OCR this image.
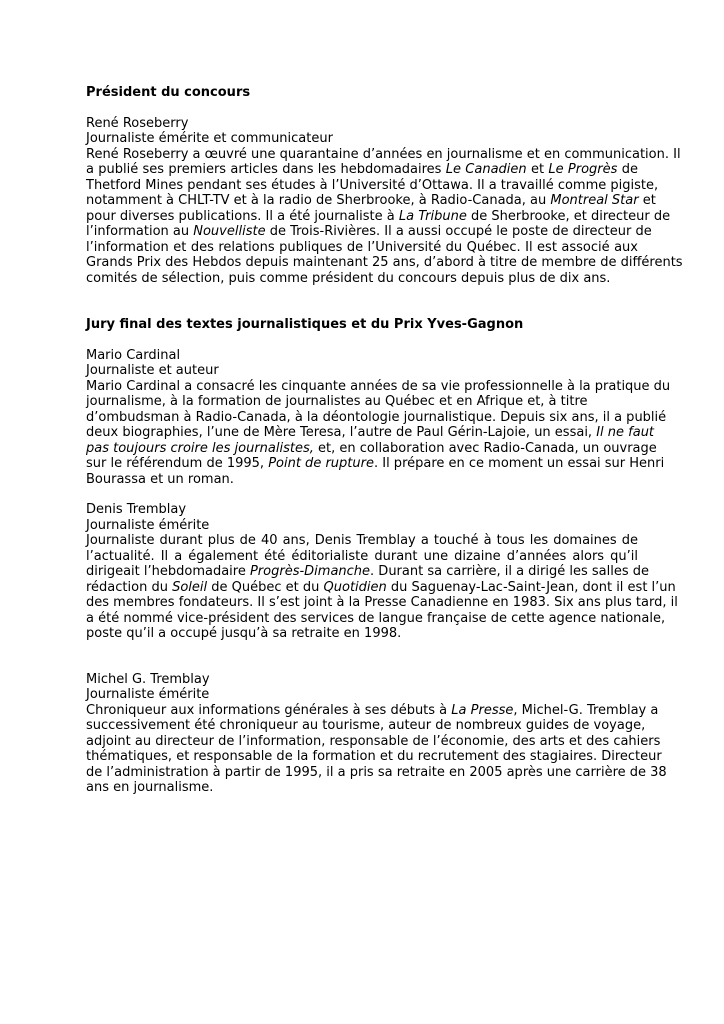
Président du concours

René Roseberry
Journaliste émérite et communicateur
René Roseberry a œuvré une quarantaine d’années en journalisme et en communication. Il
a publié ses premiers articles dans les hebdomadaires Le Canadien et Le Progrès de
Thetford Mines pendant ses études à l’Université d’Ottawa. Il a travaillé comme pigiste,
notamment à CHLT-TV et à la radio de Sherbrooke, à Radio-Canada, au Montreal Star et
pour diverses publications. Il a été journaliste à La Tribune de Sherbrooke, et directeur de
l’information au Nouvelliste de Trois-Rivières. Il a aussi occupé le poste de directeur de
l’information et des relations publiques de l’Université du Québec. Il est associé aux
Grands Prix des Hebdos depuis maintenant 25 ans, d’abord à titre de membre de différents
comités de sélection, puis comme président du concours depuis plus de dix ans.

Jury final des textes journalistiques et du Prix Yves-Gagnon

Mario Cardinal
Journaliste et auteur
Mario Cardinal a consacré les cinquante années de sa vie professionnelle à la pratique du
journalisme, à la formation de journalistes au Québec et en Afrique et, à titre
d’ombudsman à Radio-Canada, à la déontologie journalistique. Depuis six ans, il a publié
deux biographies, l’une de Mère Teresa, l’autre de Paul Gérin-Lajoie, un essai, Il ne faut
pas toujours croire les journalistes, et, en collaboration avec Radio-Canada, un ouvrage
sur le référendum de 1995, Point de rupture. Il prépare en ce moment un essai sur Henri
Bourassa et un roman.
Denis Tremblay
Journaliste émérite
Journaliste durant plus de 40 ans, Denis Tremblay a touché à tous les domaines de
l’actualité. Il a également été éditorialiste durant une dizaine d’années alors qu’il
dirigeait l’hebdomadaire Progrès-Dimanche. Durant sa carrière, il a dirigé les salles de
rédaction du Soleil de Québec et du Quotidien du Saguenay-Lac-Saint-Jean, dont il est l’un
des membres fondateurs. Il s’est joint à la Presse Canadienne en 1983. Six ans plus tard, il
a été nommé vice-président des services de langue française de cette agence nationale,
poste qu’il a occupé jusqu’à sa retraite en 1998.
Michel G. Tremblay
Journaliste émérite
Chroniqueur aux informations générales à ses débuts à La Presse, Michel-G. Tremblay a
successivement été chroniqueur au tourisme, auteur de nombreux guides de voyage,
adjoint au directeur de l’information, responsable de l’économie, des arts et des cahiers
thématiques, et responsable de la formation et du recrutement des stagiaires. Directeur
de l’administration à partir de 1995, il a pris sa retraite en 2005 après une carrière de 38
ans en journalisme.
